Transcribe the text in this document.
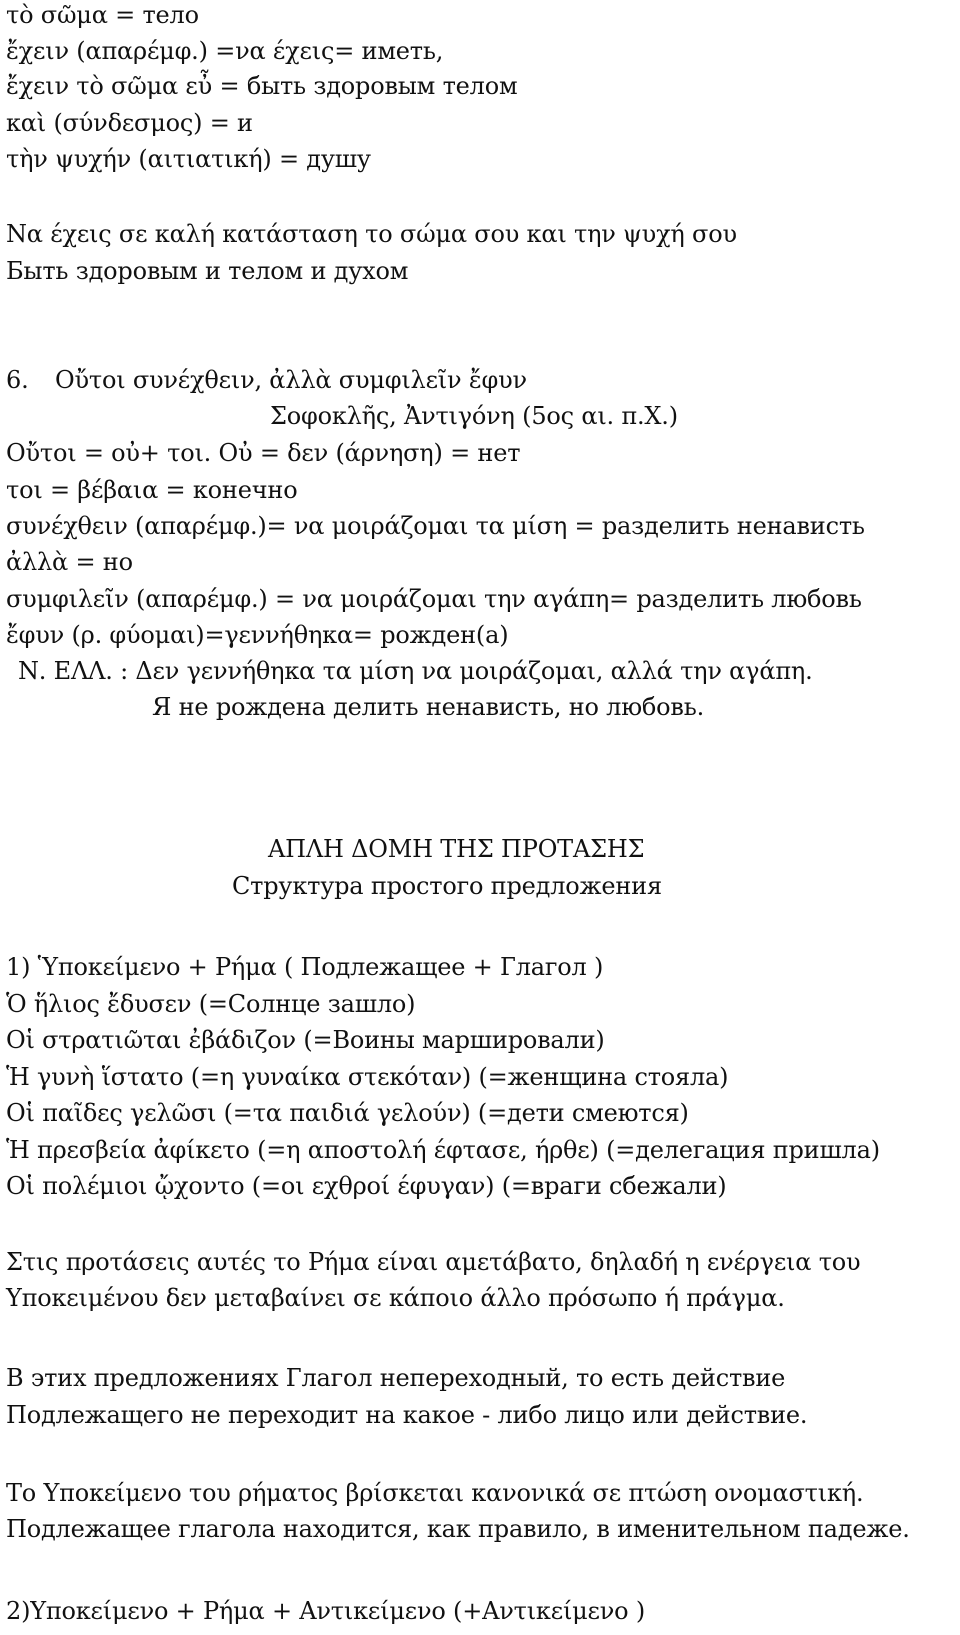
τὸ σῶμα = тело
ἔχειν (απαρέμφ.) =να έχεις= иметь,
ἔχειν τὸ σῶμα εὖ = быть здоровым телом
καὶ (σύνδεσμος) = и
τὴν ψυχήν (αιτιατική) = душу
Να έχεις σε καλή κατάσταση το σώμα σου και την ψυχή σου
Быть здоровым и телом и духом
6. Οὔτοι συνέχθειν, ἀλλὰ συμφιλεῖν ἔφυν
Σοφοκλῆς, Ἀντιγόνη (5ος αι. π.Χ.)
Οὔτοι = οὐ+ τοι. Οὐ = δεν (άρνηση) = нет
τοι = βέβαια = конечно
συνέχθειν (απαρέμφ.)= να μοιράζομαι τα μίση = разделить ненависть
ἀλλὰ = но
συμφιλεῖν (απαρέμφ.) = να μοιράζομαι την αγάπη= разделить любовь
ἔφυν (ρ. φύομαι)=γεννήθηκα= рожден(а)
Ν. ΕΛΛ. : Δεν γεννήθηκα τα μίση να μοιράζομαι, αλλά την αγάπη.
Я не рождена делить ненависть, но любовь.
ΑΠΛΗ ΔΟΜΗ ΤΗΣ ΠΡΟΤΑΣΗΣ
Структура простого предложения
1) Ὑποκείμενο + Ρήμα ( Подлежащее + Глагол )
Ὁ ἥλιος ἔδυσεν (=Солнце зашло)
Οἱ στρατιῶται ἐβάδιζον (=Воины маршировали)
Ἡ γυνὴ ἵστατο (=η γυναίκα στεκόταν) (=женщина стояла)
Οἱ παῖδες γελῶσι (=τα παιδιά γελούν) (=дети смеются)
Ἡ πρεσβεία ἀφίκετο (=η αποστολή έφτασε, ήρθε) (=делегация пришла)
Οἱ πολέμιοι ᾤχοντο (=οι εχθροί έφυγαν) (=враги сбежали)
Στις προτάσεις αυτές το Ρήμα είναι αμετάβατο, δηλαδή η ενέργεια του
Υποκειμένου δεν μεταβαίνει σε κάποιο άλλο πρόσωπο ή πράγμα.
В этих предложениях Глагол непереходный, то есть действие
Подлежащего не переходит на какое - либо лицо или действие.
Το Υποκείμενο του ρήματος βρίσκεται κανονικά σε πτώση ονομαστική.
Подлежащее глагола находится, как правило, в именительном падеже.
2)Υποκείμενο + Ρήμα + Αντικείμενο (+Αντικείμενο )
